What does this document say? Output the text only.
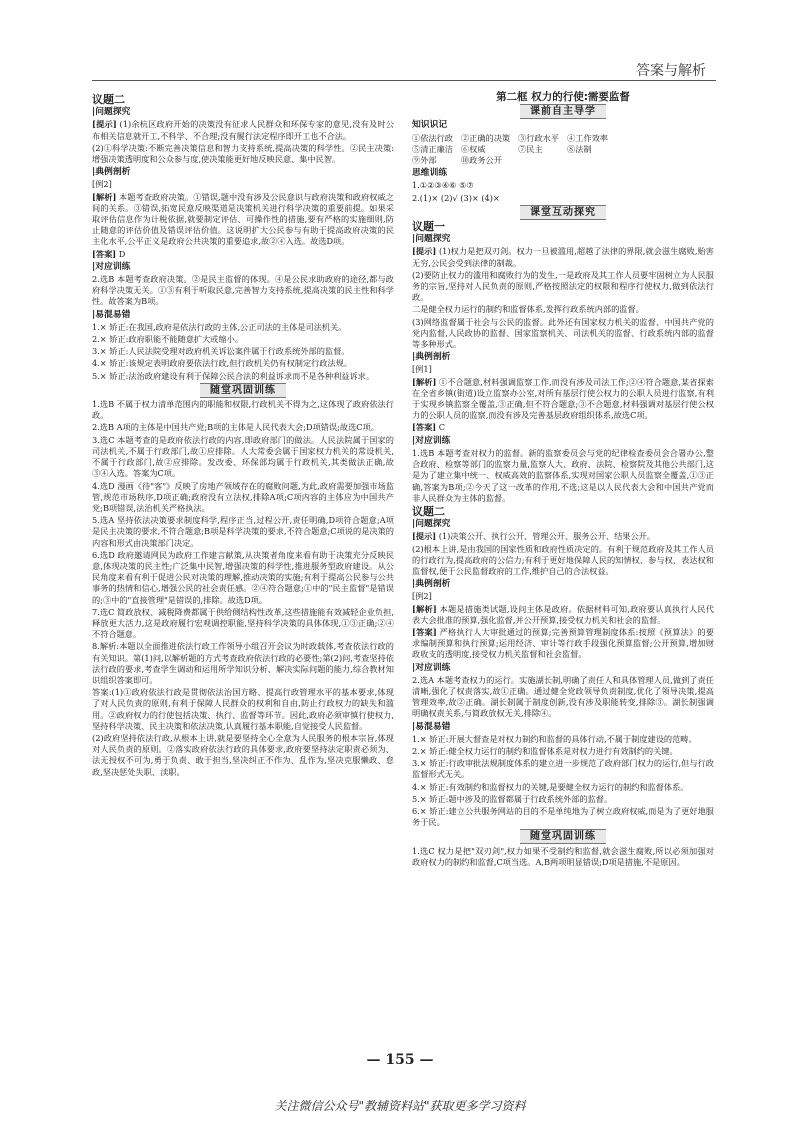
答案与解析
议题二
|问题探究

[提示] (1)余杭区政府开始的决策没有征求人民群众和环保专家的意见,没有及时公布相关信息就开工,不科学、不合理;没有履行法定程序即开工也不合法。

(2)①科学决策:不断完善决策信息和智力支持系统,提高决策的科学性。②民主决策:增强决策透明度和公众参与度,使决策能更好地反映民意、集中民智。

|典例剖析

[例2]

[解析] 本题考查政府决策。①错误,题中没有涉及公民意识与政府决策和政府权威之间的关系。③错误,拓宽民意反映渠道是决策机关进行科学决策的重要前提。如果采取评估信息作为计税依据,就要制定评估、可操作性的措施,要有严格的实施细则,防止随意的评估价值及错误评估价值。这说明扩大公民参与有助于提高政府决策的民主化水平,公平正义是政府公共决策的重要追求,故②④入选。故选D项。

[答案] D

|对应训练

2.选B 本题考查政府决策。②是民主监督的体现。④是公民求助政府的途径,都与政府科学决策无关。①③有利于听取民意,完善智力支持系统,提高决策的民主性和科学性。故答案为B项。

|易混易错

1.× 矫正:在我国,政府是依法行政的主体,公正司法的主体是司法机关。

2.× 矫正:政府职能不能随意扩大或缩小。

3.× 矫正:人民法院受理对政府机关诉讼案件属于行政系统外部的监督。

4.× 矫正:该规定表明政府要依法行政,但行政机关仍有权制定行政法规。

5.× 矫正:法治政府建设有利于保障公民合法的利益诉求而不是各种利益诉求。

随堂巩固训练

1.选B 不属于权力清单范围内的职能和权限,行政机关不得为之,这体现了政府依法行政。

2.选B A项的主体是中国共产党;B项的主体是人民代表大会;D项错误;故选C项。

3.选C 本题考查的是政府依法行政的内容,即政府部门的做法。人民法院属于国家的司法机关,不属于行政部门,故①应排除。人大常委会属于国家权力机关的常设机关,不属于行政部门,故②应排除。发改委、环保部均属于行政机关,其类做法正确,故③④入选。答案为C项。

4.选D 漫画《待"客"》反映了房地产领域存在的腐败问题,为此,政府需要加强市场监管,规范市场秩序,D项正确;政府没有立法权,排除A项;C项内容的主体应为中国共产党;B项错误,法治机关严格执法。

5.选A 坚持依法决策要求制度科学,程序正当,过程公开,责任明确,D项符合题意;A项是民主决策的要求,不符合题意;B项是科学决策的要求,不符合题意;C项说的是决策的内容和形式由决策部门决定。

6.选D 政府邀请网民为政府工作建言献策,从决策者角度来看有助于决策充分反映民意,体现决策的民主性;广泛集中民智,增强决策的科学性,推进服务型政府建设。从公民角度来看有利于促进公民对决策的理解,推动决策的实施;有利于提高公民参与公共事务的热情和信心,增强公民的社会责任感。②④符合题意;①中的"民主监督"是错误的;③中的"直接管理"是错误的,排除。故选D项。

7.选C 简政放权、减税降费都属于供给侧结构性改革,这些措施能有效减轻企业负担,释放更大活力,这是政府履行宏观调控职能,坚持科学决策的具体体现,①③正确;②④不符合题意。

8.解析:本题以全面推进依法行政工作领导小组召开会议为时政载体,考查依法行政的有关知识。第(1)问,以解析题的方式考查政府依法行政的必要性;第(2)问,考查坚持依法行政的要求,考查学生调动和运用所学知识分析、解决实际问题的能力,综合教材知识组织答案即可。

答案:(1)①政府依法行政是贯彻依法治国方略、提高行政管理水平的基本要求,体现了对人民负责的原则,有利于保障人民群众的权利和自由,防止行政权力的缺失和滥用。②政府权力的行使包括决策、执行、监督等环节。因此,政府必须审慎行使权力,坚持科学决策、民主决策和依法决策,认真履行基本职能,自觉接受人民监督。

(2)政府坚持依法行政,从根本上讲,就是要坚持全心全意为人民服务的根本宗旨,体现对人民负责的原则。②落实政府依法行政的具体要求,政府要坚持法定职责必须为、法无授权不可为,勇于负责、敢于担当,坚决纠正不作为、乱作为,坚决克服懒政、怠政,坚决惩处失职、渎职。

第二框 权力的行使:需要监督
课前自主导学
知识识记
①依法行政 ②正确的决策 ③行政水平 ④工作效率
⑤清正廉洁 ⑥权威	⑦民主	⑧法制
⑨外部	⑩政务公开
思维训练

1.①②③④⑥ ⑤⑦

2.(1)× (2)√ (3)× (4)×

课堂互动探究
议题一
|问题探究

[提示] (1)权力是把双刃剑。权力一旦被滥用,超越了法律的界限,就会滋生腐败,贻害无穷,公民会受到法律的制裁。

(2)要防止权力的滥用和腐败行为的发生,一是政府及其工作人员要牢固树立为人民服务的宗旨,坚持对人民负责的原则,严格按照法定的权限和程序行使权力,做到依法行政。

二是健全权力运行的制约和监督体系,发挥行政系统内部的监督。

(3)网络监督属于社会与公民的监督。此外还有国家权力机关的监督、中国共产党的党内监督,人民政协的监督、国家监察机关、司法机关的监督、行政系统内部的监督等多种形式。

|典例剖析

[例1]

[解析] ①不合题意,材料强调监察工作,而没有涉及司法工作;②④符合题意,某省探索在全省乡镇(街道)设立监察办公室,对所有基层行使公权力的公职人员进行监察,有利于实现乡镇监察全覆盖,③正确,但不符合题意;③不合题意,材料强调对基层行使公权力的公职人员的监察,而没有涉及完善基层政府组织体系,故选C项。

[答案] C

|对应训练

1.选B 本题考查对权力的监督。新的监察委员会与党的纪律检查委员会合署办公,整合政府、检察等部门的监察力量,监察人大、政府、法院、检察院及其他公共部门,这是为了建立集中统一、权威高效的监察体系,实现对国家公职人员监察全覆盖,①③正确,答案为B项;②今天了这一改革的作用,不选;这是以人民代表大会和中国共产党而非人民群众为主体的监督。

议题二
|问题探究

[提示] (1)决策公开、执行公开、管理公开、服务公开、结果公开。

(2)根本上讲,是由我国的国家性质和政府性质决定的。有利于规范政府及其工作人员的行政行为,提高政府的公信力;有利于更好地保障人民的知情权、参与权、表达权和监督权,便于公民监督政府的工作,维护自己的合法权益。

|典例剖析

[例2]

[解析] 本题是措施类试题,设问主体是政府。依据材料可知,政府要认真执行人民代表大会批准的预算,强化监督,并公开预算,接受权力机关和社会的监督。

[答案] 严格执行人大审批通过的预算;完善预算管理制度体系:按照《预算法》的要求编制预算和执行预算;运用经济、审计等行政手段强化预算监督;公开预算,增加财政收支的透明度,接受权力机关监督和社会监督。

|对应训练

2.选A 本题考查权力的运行。实施湖长制,明确了责任人和具体管理人员,做到了责任清晰,强化了权责落实,故①正确。通过健全党政领导负责制度,优化了领导决策,提高管理效率,故②正确。湖长制属于制度创新,没有涉及职能转变,排除③。湖长制强调明确权责关系,与简政放权无关,排除④。

|易混易错

1.× 矫正:开展大督查是对权力制约和监督的具体行动,不属于制度建设的范畴。

2.× 矫正:健全权力运行的制约和监督体系是对权力进行有效制约的关键。

3.× 矫正:行政审批法规制度体系的建立进一步规范了政府部门权力的运行,但与行政监督形式无关。

4.× 矫正:有效制约和监督权力的关键,是要健全权力运行的制约和监督体系。

5.× 矫正:题中涉及的监督都属于行政系统外部的监督。

6.× 矫正:建立公共服务网站的目的不是单纯地为了树立政府权威,而是为了更好地服务于民。

随堂巩固训练

1.选C 权力是把"双刃剑",权力如果不受制约和监督,就会滋生腐败,所以必须加强对政府权力的制约和监督,C项当选。A,B两项明显错误;D项是措施,不是原因。

— 155 —
关注微信公众号"教辅资料站"获取更多学习资料
